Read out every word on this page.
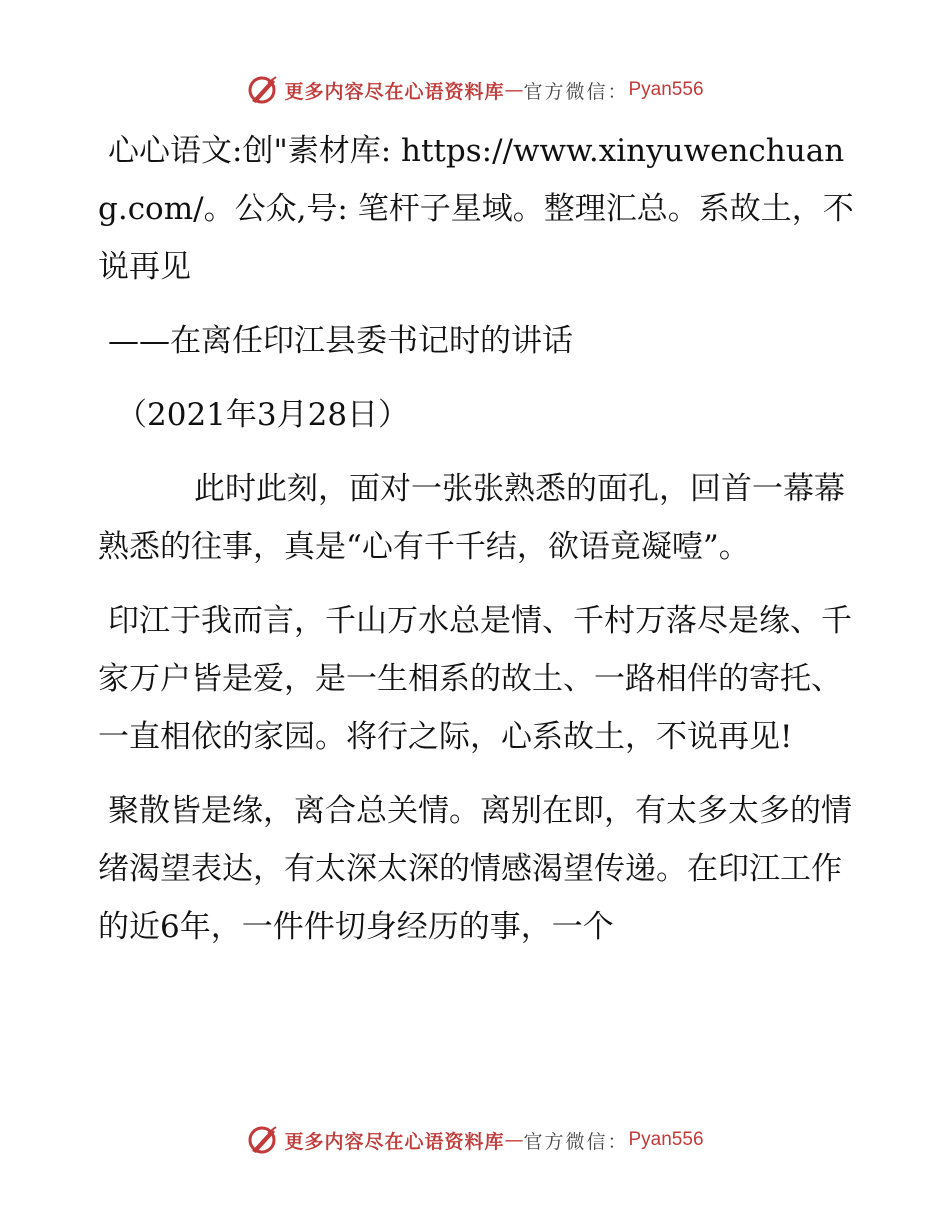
更多内容尽在心语资料库 — 官方微信： Pyan556

心心语文:创"素材库: https://www.xinyuwenchuang.com/。公众,号: 笔杆子星域。整理汇总。系故土，不说再见

——在离任印江县委书记时的讲话

（2021年3月28日）

此时此刻，面对一张张熟悉的面孔，回首一幕幕熟悉的往事，真是“心有千千结，欲语竟凝噎”。

印江于我而言，千山万水总是情、千村万落尽是缘、千家万户皆是爱，是一生相系的故土、一路相伴的寄托、一直相依的家园。将行之际，心系故土，不说再见!

聚散皆是缘，离合总关情。离别在即，有太多太多的情绪渴望表达，有太深太深的情感渴望传递。在印江工作的近6年，一件件切身经历的事，一个

更多内容尽在心语资料库 — 官方微信： Pyan556
